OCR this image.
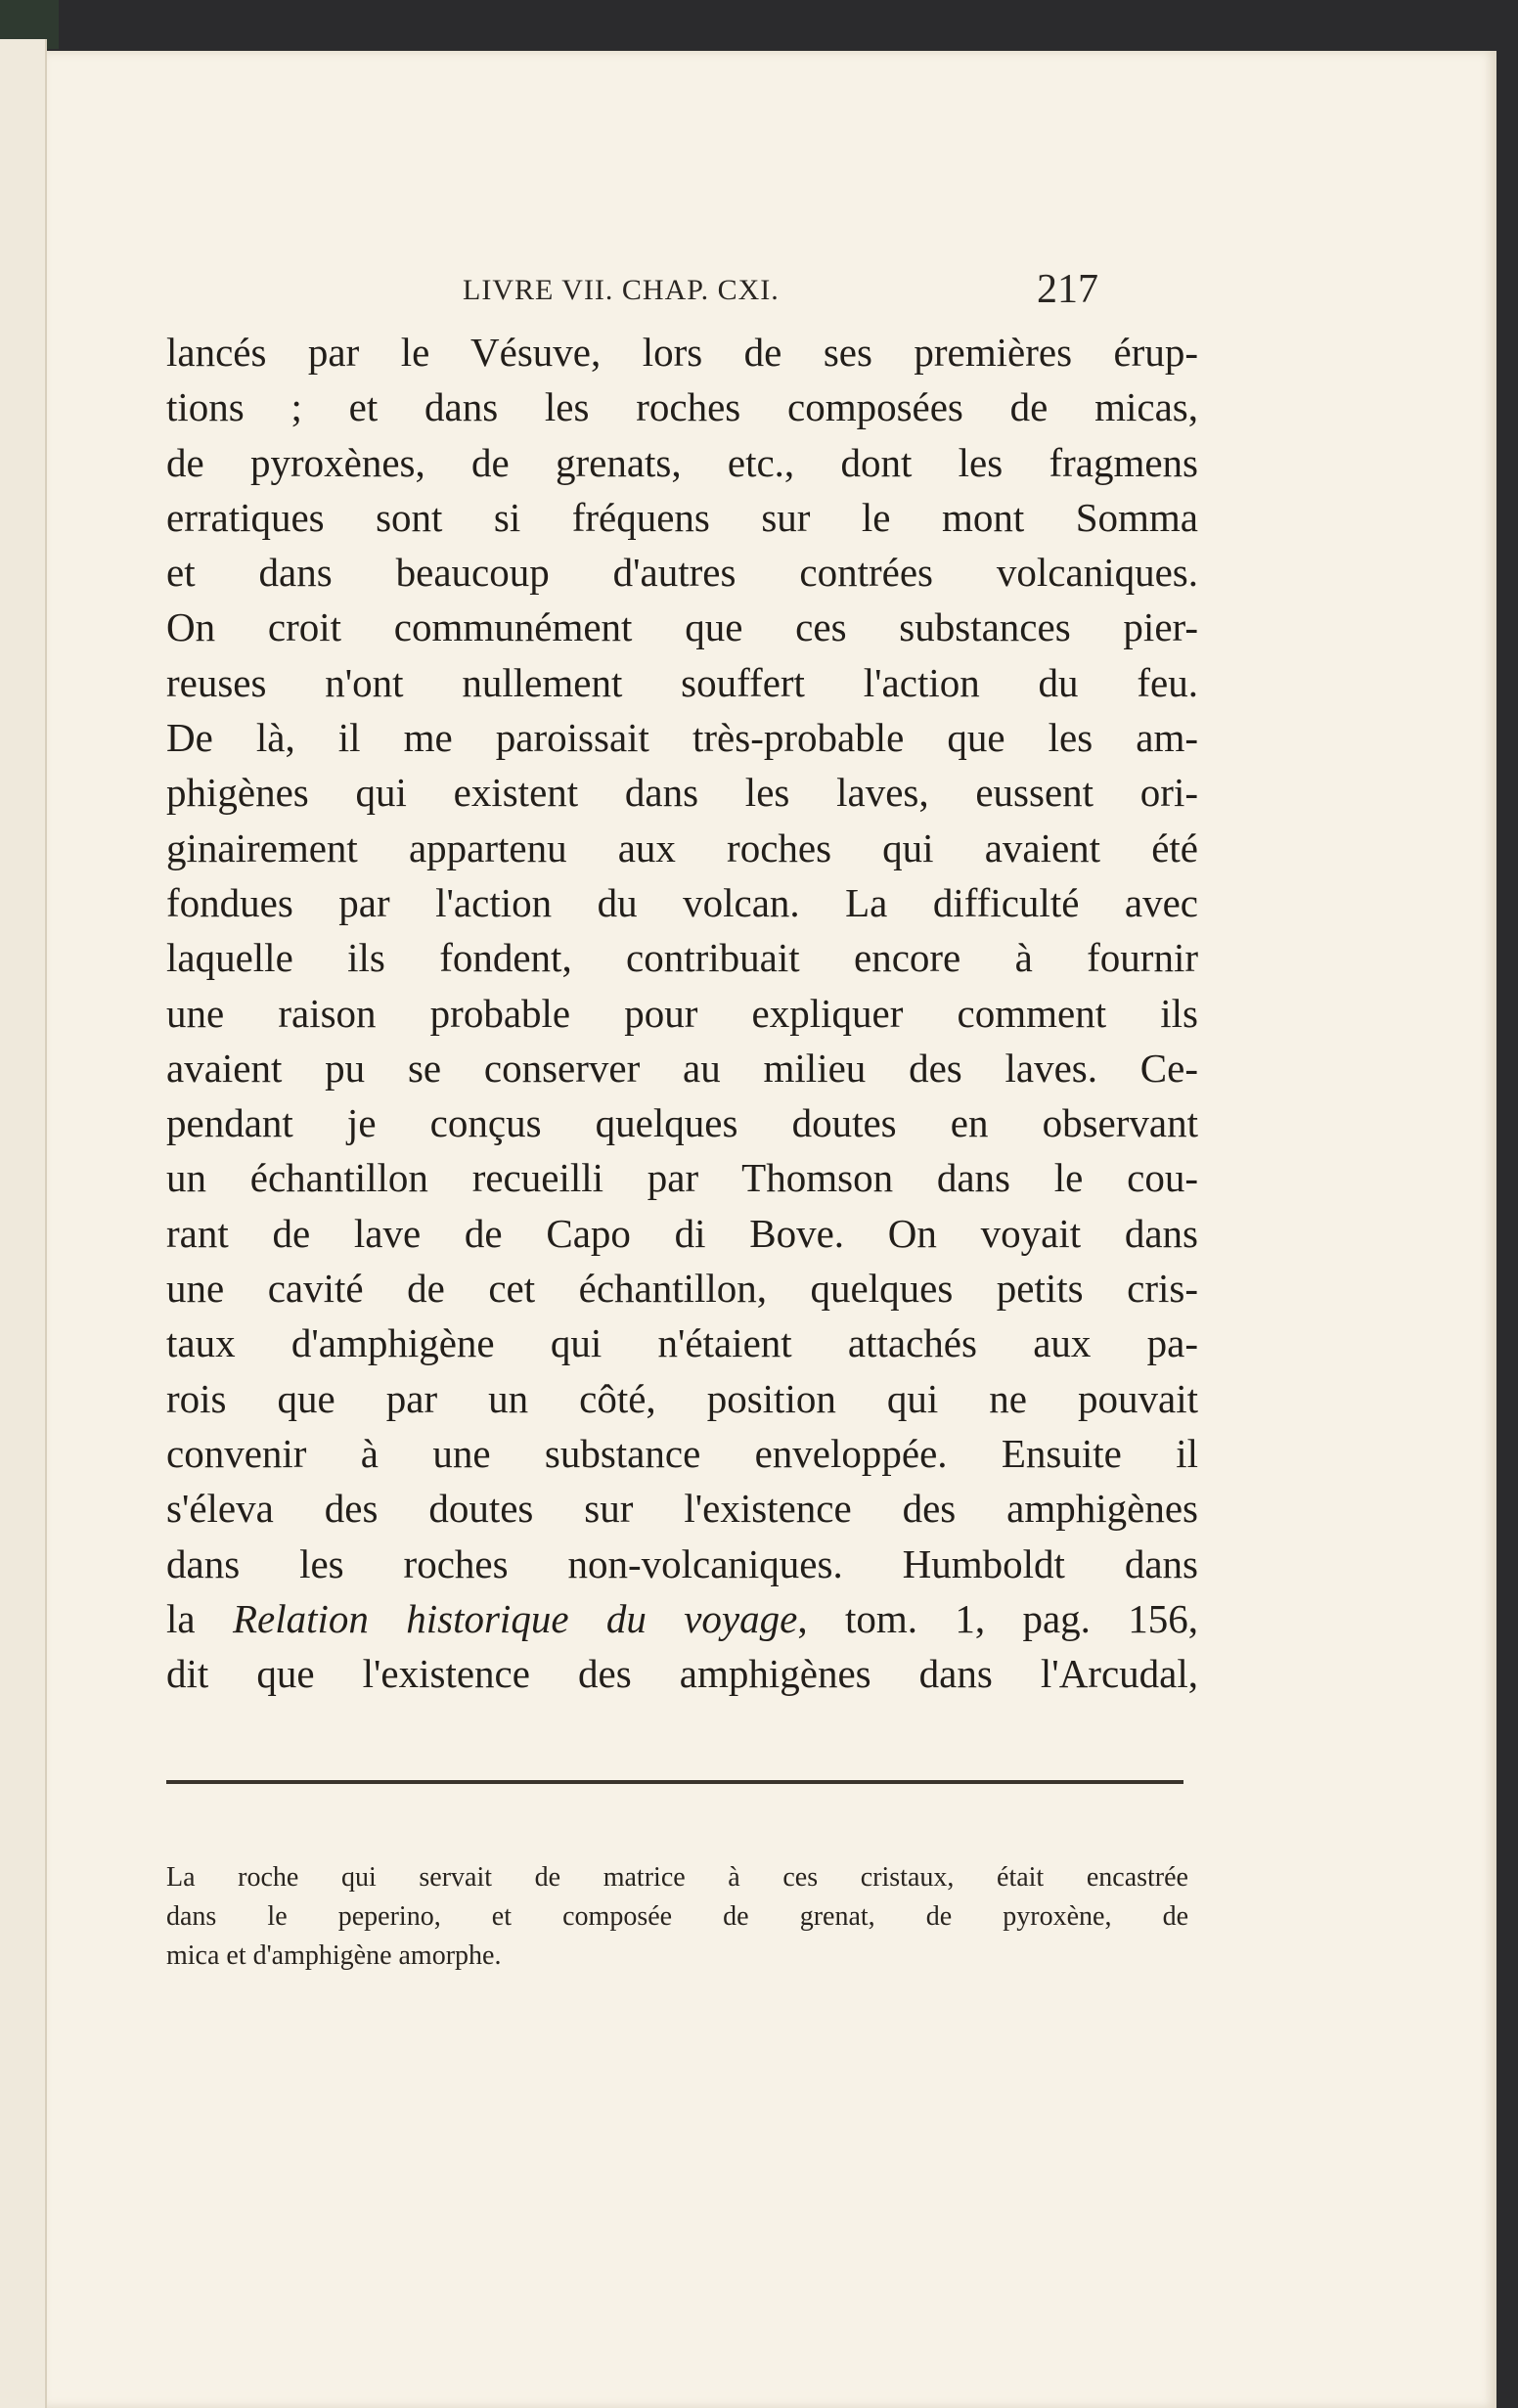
LIVRE VII. CHAP. CXI.	217
lancés par le Vésuve, lors de ses premières érup-
tions ; et dans les roches composées de micas,
de pyroxènes, de grenats, etc., dont les fragmens
erratiques sont si fréquens sur le mont Somma
et dans beaucoup d'autres contrées volcaniques.
On croit communément que ces substances pier-
reuses n'ont nullement souffert l'action du feu.
De là, il me paroissait très-probable que les am-
phigènes qui existent dans les laves, eussent ori-
ginairement appartenu aux roches qui avaient été
fondues par l'action du volcan. La difficulté avec
laquelle ils fondent, contribuait encore à fournir
une raison probable pour expliquer comment ils
avaient pu se conserver au milieu des laves. Ce-
pendant je conçus quelques doutes en observant
un échantillon recueilli par Thomson dans le cou-
rant de lave de Capo di Bove. On voyait dans
une cavité de cet échantillon, quelques petits cris-
taux d'amphigène qui n'étaient attachés aux pa-
rois que par un côté, position qui ne pouvait
convenir à une substance enveloppée. Ensuite il
s'éleva des doutes sur l'existence des amphigènes
dans les roches non-volcaniques. Humboldt dans
la Relation historique du voyage, tom. 1, pag. 156,
dit que l'existence des amphigènes dans l'Arcudal,
La roche qui servait de matrice à ces cristaux, était encastrée
dans le peperino, et composée de grenat, de pyroxène, de
mica et d'amphigène amorphe.
